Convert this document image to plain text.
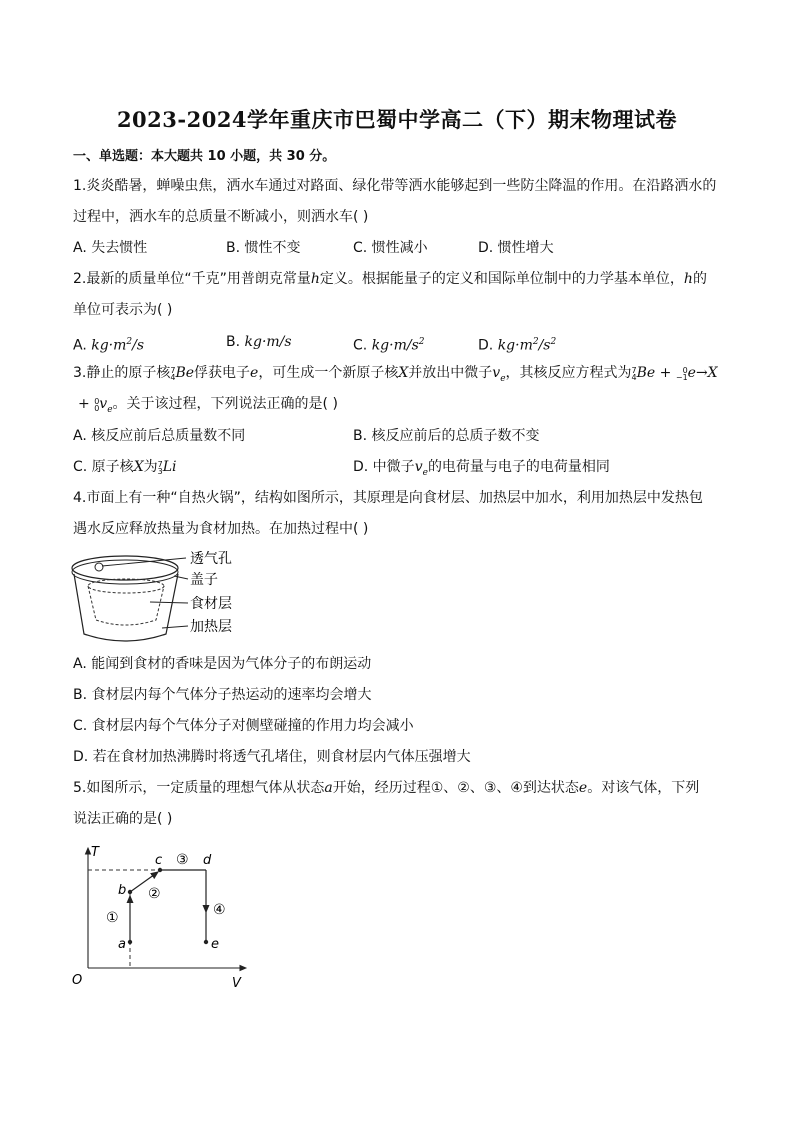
2023-2024学年重庆市巴蜀中学高二（下）期末物理试卷
一、单选题：本大题共 10 小题，共 30 分。
1.炎炎酷暑，蝉噪虫焦，洒水车通过对路面、绿化带等洒水能够起到一些防尘降温的作用。在沿路洒水的
过程中，洒水车的总质量不断减小，则洒水车( )
A. 失去惯性	B. 惯性不变	C. 惯性减小	D. 惯性增大
2.最新的质量单位“千克”用普朗克常量h定义。根据能量子的定义和国际单位制中的力学基本单位，h的
单位可表示为( )
A. $kg\cdot m^2/s$	B. kg·m/s	C. $kg\cdot m/s^2$	D. $kg\cdot m^2/s^2$
3.静止的原子核7
4Be俘获电子e，可生成一个新原子核X并放出中微子$v_e$，其核反应方程式为7
4Be + 0
−1e→X
+ 0
$0v_e$。关于该过程，下列说法正确的是( )
A. 核反应前后总质量数不同	B. 核反应前后的总质子数不变
C. 原子核X为7
3Li	D. 中微子$v_e$的电荷量与电子的电荷量相同
4.市面上有一种“自热火锅”，结构如图所示，其原理是向食材层、加热层中加水，利用加热层中发热包
遇水反应释放热量为食材加热。在加热过程中( )
透气孔
盖子
食材层
加热层
A. 能闻到食材的香味是因为气体分子的布朗运动
B. 食材层内每个气体分子热运动的速率均会增大
C. 食材层内每个气体分子对侧壁碰撞的作用力均会减小
D. 若在食材加热沸腾时将透气孔堵住，则食材层内气体压强增大
5.如图所示，一定质量的理想气体从状态a开始，经历过程①、②、③、④到达状态e。对该气体，下列
说法正确的是( )
T
V
O
a
b
c	d
e
①
②
③
④
